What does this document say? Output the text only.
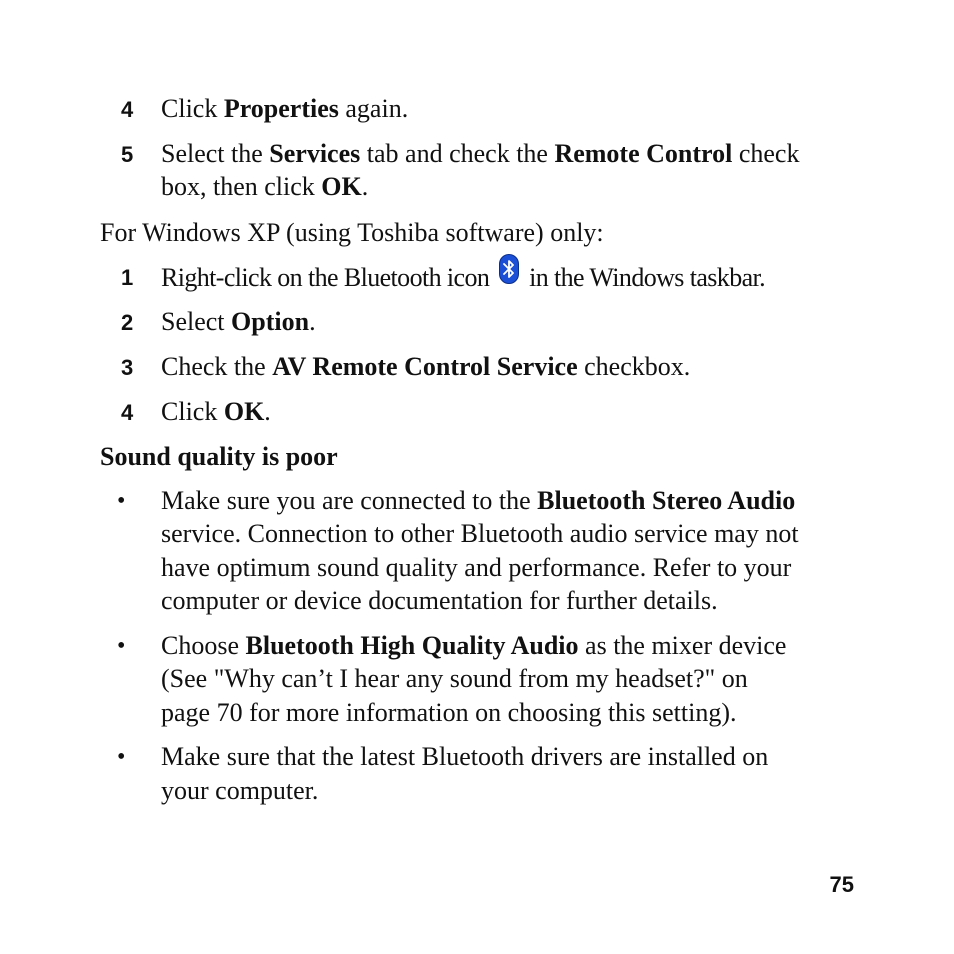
4 Click Properties again.
5 Select the Services tab and check the Remote Control check
box, then click OK.
For Windows XP (using Toshiba software) only:
1 Right-click on the Bluetooth icon in the Windows taskbar.
2 Select Option.
3 Check the AV Remote Control Service checkbox.
4 Click OK.
Sound quality is poor
• Make sure you are connected to the Bluetooth Stereo Audio
service. Connection to other Bluetooth audio service may not
have optimum sound quality and performance. Refer to your
computer or device documentation for further details.
• Choose Bluetooth High Quality Audio as the mixer device
(See "Why can’t I hear any sound from my headset?" on
page 70 for more information on choosing this setting).
• Make sure that the latest Bluetooth drivers are installed on
your computer.
75
